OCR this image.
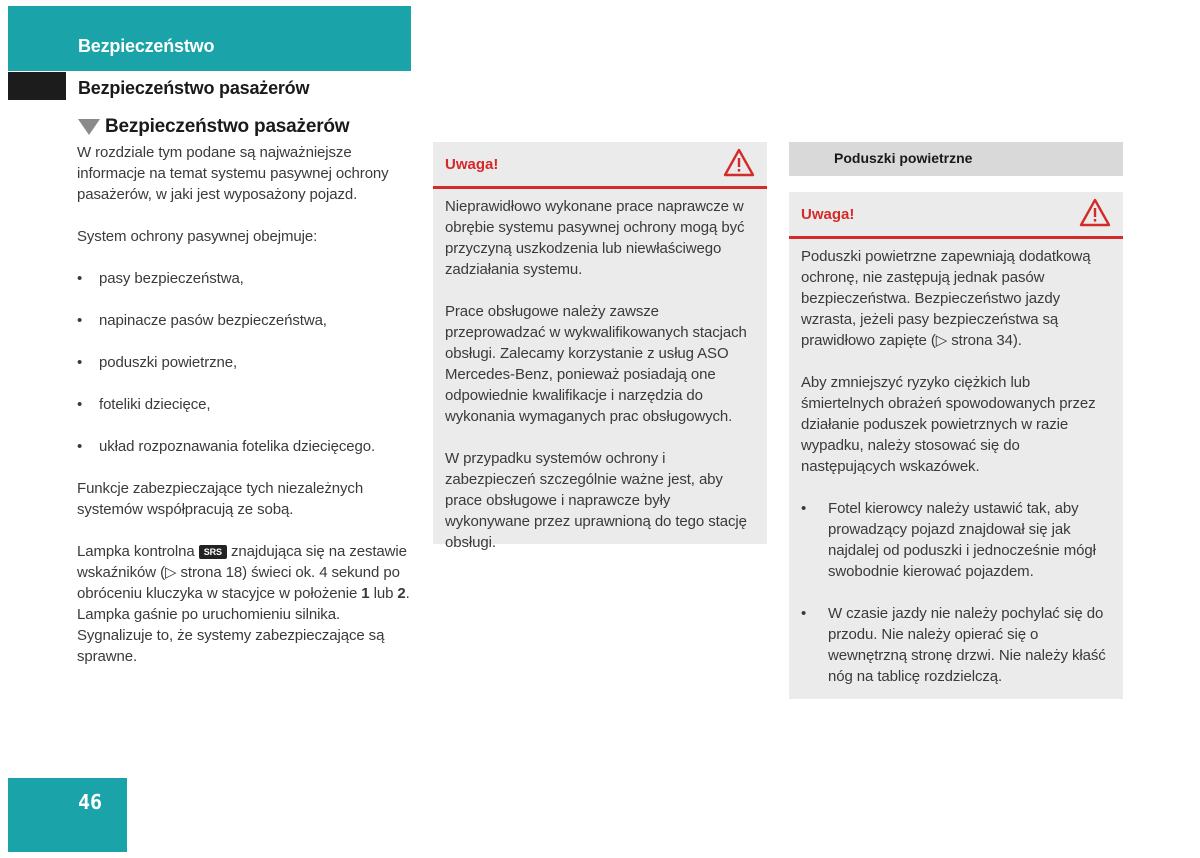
Bezpieczeństwo
Bezpieczeństwo pasażerów
Bezpieczeństwo pasażerów

W rozdziale tym podane są najważniejsze informacje na temat systemu pasywnej ochrony pasażerów, w jaki jest wyposażony pojazd.

System ochrony pasywnej obejmuje:

• pasy bezpieczeństwa,
• napinacze pasów bezpieczeństwa,
• poduszki powietrzne,
• foteliki dziecięce,
• układ rozpoznawania fotelika dziecięcego.

Funkcje zabezpieczające tych niezależnych systemów współpracują ze sobą.

Lampka kontrolna SRS znajdująca się na zestawie wskaźników (▷ strona 18) świeci ok. 4 sekund po obróceniu kluczyka w stacyjce w położenie 1 lub 2. Lampka gaśnie po uruchomieniu silnika. Sygnalizuje to, że systemy zabezpieczające są sprawne.

Uwaga!

Nieprawidłowo wykonane prace naprawcze w obrębie systemu pasywnej ochrony mogą być przyczyną uszkodzenia lub niewłaściwego zadziałania systemu.

Prace obsługowe należy zawsze przeprowadzać w wykwalifikowanych stacjach obsługi. Zalecamy korzystanie z usług ASO Mercedes-Benz, ponieważ posiadają one odpowiednie kwalifikacje i narzędzia do wykonania wymaganych prac obsługowych.

W przypadku systemów ochrony i zabezpieczeń szczególnie ważne jest, aby prace obsługowe i naprawcze były wykonywane przez uprawnioną do tego stację obsługi.

Poduszki powietrzne
Uwaga!

Poduszki powietrzne zapewniają dodatkową ochronę, nie zastępują jednak pasów bezpieczeństwa. Bezpieczeństwo jazdy wzrasta, jeżeli pasy bezpieczeństwa są prawidłowo zapięte (▷ strona 34).

Aby zmniejszyć ryzyko ciężkich lub śmiertelnych obrażeń spowodowanych przez działanie poduszek powietrznych w razie wypadku, należy stosować się do następujących wskazówek.

• Fotel kierowcy należy ustawić tak, aby prowadzący pojazd znajdował się jak najdalej od poduszki i jednocześnie mógł swobodnie kierować pojazdem.
• W czasie jazdy nie należy pochylać się do przodu. Nie należy opierać się o wewnętrzną stronę drzwi. Nie należy kłaść nóg na tablicę rozdzielczą.
46
